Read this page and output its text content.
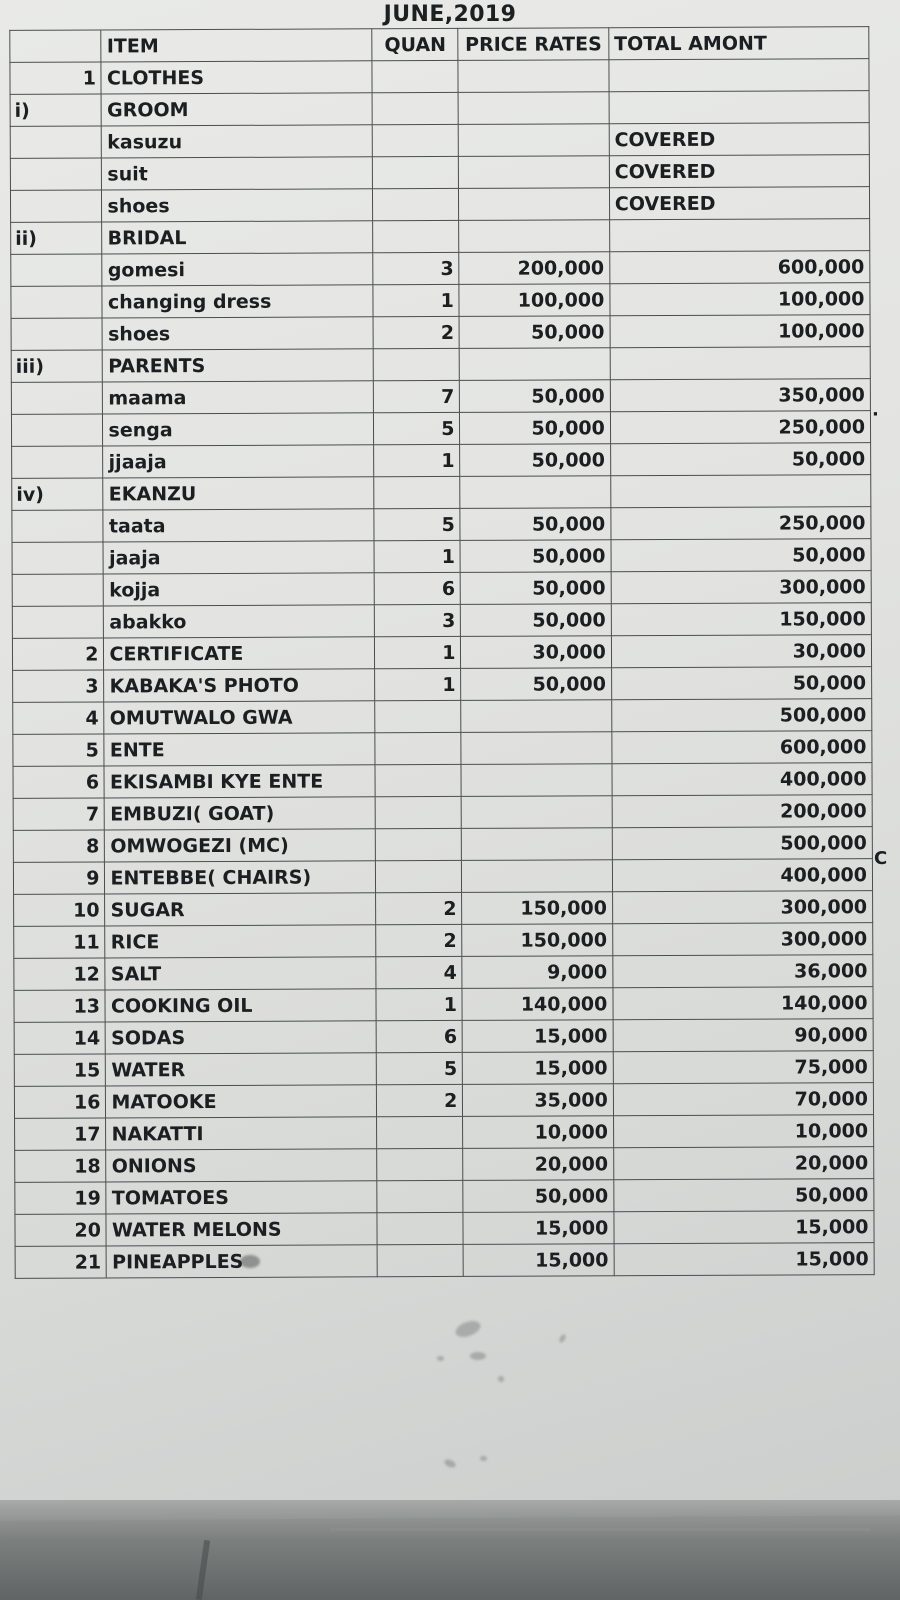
JUNE,2019
	ITEM	QUAN	PRICE RATES	TOTAL AMONT
1	CLOTHES			
i)	GROOM			
	kasuzu			COVERED
	suit			COVERED
	shoes			COVERED
ii)	BRIDAL			
	gomesi	3	200,000	600,000
	changing dress	1	100,000	100,000
	shoes	2	50,000	100,000
iii)	PARENTS			
	maama	7	50,000	350,000
	senga	5	50,000	250,000
	jjaaja	1	50,000	50,000
iv)	EKANZU			
	taata	5	50,000	250,000
	jaaja	1	50,000	50,000
	kojja	6	50,000	300,000
	abakko	3	50,000	150,000
2	CERTIFICATE	1	30,000	30,000
3	KABAKA'S PHOTO	1	50,000	50,000
4	OMUTWALO GWA			500,000
5	ENTE			600,000
6	EKISAMBI KYE ENTE			400,000
7	EMBUZI( GOAT)			200,000
8	OMWOGEZI (MC)			500,000
9	ENTEBBE( CHAIRS)			400,000
10	SUGAR	2	150,000	300,000
11	RICE	2	150,000	300,000
12	SALT	4	9,000	36,000
13	COOKING OIL	1	140,000	140,000
14	SODAS	6	15,000	90,000
15	WATER	5	15,000	75,000
16	MATOOKE	2	35,000	70,000
17	NAKATTI		10,000	10,000
18	ONIONS		20,000	20,000
19	TOMATOES		50,000	50,000
20	WATER MELONS		15,000	15,000
21	PINEAPPLES		15,000	15,000
C
·
